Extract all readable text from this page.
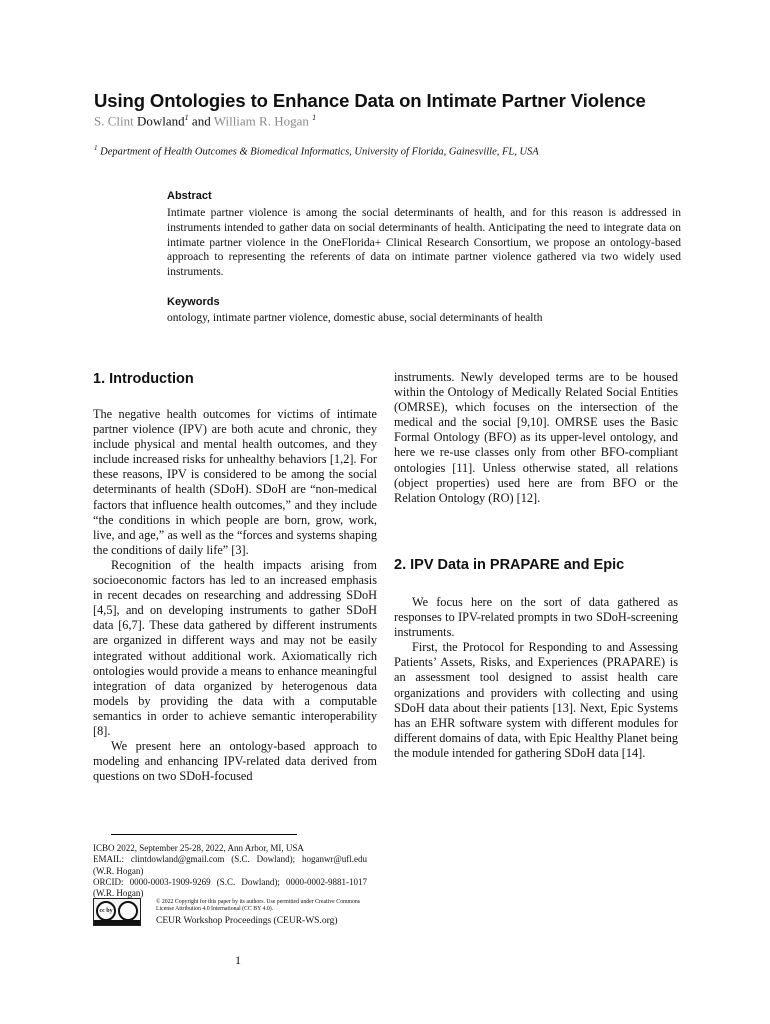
Using Ontologies to Enhance Data on Intimate Partner Violence
S. Clint Dowland$^1$ and William R. Hogan $^1$
$^1$ Department of Health Outcomes & Biomedical Informatics, University of Florida, Gainesville, FL, USA
Abstract
Intimate partner violence is among the social determinants of health, and for this reason is addressed in instruments intended to gather data on social determinants of health. Anticipating the need to integrate data on intimate partner violence in the OneFlorida+ Clinical Research Consortium, we propose an ontology-based approach to representing the referents of data on intimate partner violence gathered via two widely used instruments.
Keywords
ontology, intimate partner violence, domestic abuse, social determinants of health
1. Introduction

The negative health outcomes for victims of intimate partner violence (IPV) are both acute and chronic, they include physical and mental health outcomes, and they include increased risks for unhealthy behaviors [1,2]. For these reasons, IPV is considered to be among the social determinants of health (SDoH). SDoH are “non-medical factors that influence health outcomes,” and they include “the conditions in which people are born, grow, work, live, and age,” as well as the “forces and systems shaping the conditions of daily life” [3].

Recognition of the health impacts arising from socioeconomic factors has led to an increased emphasis in recent decades on researching and addressing SDoH [4,5], and on developing instruments to gather SDoH data [6,7]. These data gathered by different instruments are organized in different ways and may not be easily integrated without additional work. Axiomatically rich ontologies would provide a means to enhance meaningful integration of data organized by heterogenous data models by providing the data with a computable semantics in order to achieve semantic interoperability [8].

We present here an ontology-based approach to modeling and enhancing IPV-related data derived from questions on two SDoH-focused

instruments. Newly developed terms are to be housed within the Ontology of Medically Related Social Entities (OMRSE), which focuses on the intersection of the medical and the social [9,10]. OMRSE uses the Basic Formal Ontology (BFO) as its upper-level ontology, and here we re-use classes only from other BFO-compliant ontologies [11]. Unless otherwise stated, all relations (object properties) used here are from BFO or the Relation Ontology (RO) [12].

2. IPV Data in PRAPARE and Epic

We focus here on the sort of data gathered as responses to IPV-related prompts in two SDoH-screening instruments.

First, the Protocol for Responding to and Assessing Patients’ Assets, Risks, and Experiences (PRAPARE) is an assessment tool designed to assist health care organizations and providers with collecting and using SDoH data about their patients [13]. Next, Epic Systems has an EHR software system with different modules for different domains of data, with Epic Healthy Planet being the module intended for gathering SDoH data [14].

ICBO 2022, September 25-28, 2022, Ann Arbor, MI, USA
EMAIL: clintdowland@gmail.com (S.C. Dowland); hoganwr@ufl.edu (W.R. Hogan)
ORCID: 0000-0003-1909-9269 (S.C. Dowland); 0000-0002-9881-1017 (W.R. Hogan)
cc by
© 2022 Copyright for this paper by its authors. Use permitted under Creative Commons License Attribution 4.0 International (CC BY 4.0).
CEUR Workshop Proceedings (CEUR-WS.org)
1
